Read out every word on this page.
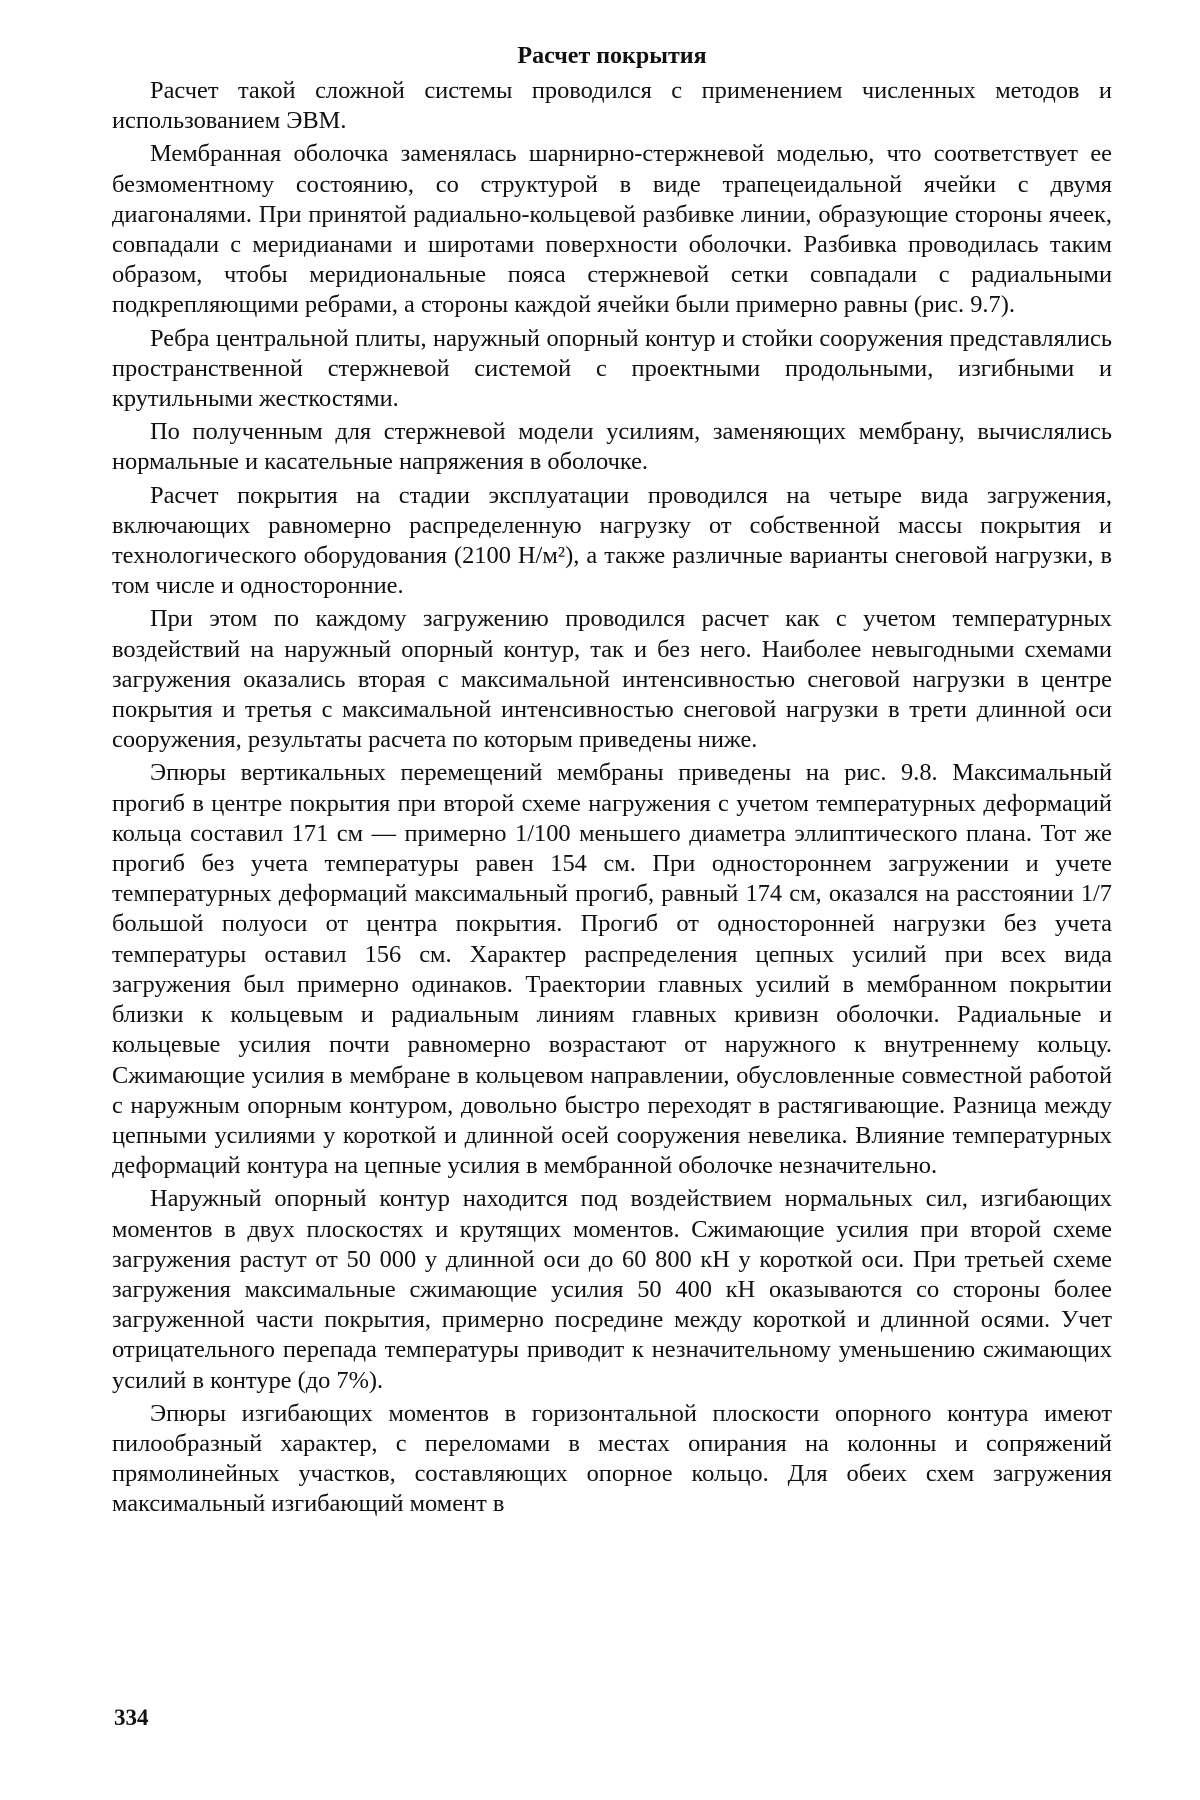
Расчет покрытия

Расчет такой сложной системы проводился с применением численных методов и использованием ЭВМ.

Мембранная оболочка заменялась шарнирно-стержневой моделью, что соответствует ее безмоментному состоянию, со структурой в виде трапецеидальной ячейки с двумя диагоналями. При принятой радиально-кольцевой разбивке линии, образующие стороны ячеек, совпадали с меридианами и широтами поверхности оболочки. Разбивка проводилась таким образом, чтобы меридиональные пояса стержневой сетки совпадали с радиальными подкрепляющими ребрами, а стороны каждой ячейки были примерно равны (рис. 9.7).

Ребра центральной плиты, наружный опорный контур и стойки сооружения представлялись пространственной стержневой системой с проектными продольными, изгибными и крутильными жесткостями.

По полученным для стержневой модели усилиям, заменяющих мембрану, вычислялись нормальные и касательные напряжения в оболочке.

Расчет покрытия на стадии эксплуатации проводился на четыре вида загружения, включающих равномерно распределенную нагрузку от собственной массы покрытия и технологического оборудования (2100 Н/м²), а также различные варианты снеговой нагрузки, в том числе и односторонние.

При этом по каждому загружению проводился расчет как с учетом температурных воздействий на наружный опорный контур, так и без него. Наиболее невыгодными схемами загружения оказались вторая с максимальной интенсивностью снеговой нагрузки в центре покрытия и третья с максимальной интенсивностью снеговой нагрузки в трети длинной оси сооружения, результаты расчета по которым приведены ниже.

Эпюры вертикальных перемещений мембраны приведены на рис. 9.8. Максимальный прогиб в центре покрытия при второй схеме нагружения с учетом температурных деформаций кольца составил 171 см — примерно 1/100 меньшего диаметра эллиптического плана. Тот же прогиб без учета температуры равен 154 см. При одностороннем загружении и учете температурных деформаций максимальный прогиб, равный 174 см, оказался на расстоянии 1/7 большой полуоси от центра покрытия. Прогиб от односторонней нагрузки без учета температуры оставил 156 см. Характер распределения цепных усилий при всех вида загружения был примерно одинаков. Траектории главных усилий в мембранном покрытии близки к кольцевым и радиальным линиям главных кривизн оболочки. Радиальные и кольцевые усилия почти равномерно возрастают от наружного к внутреннему кольцу. Сжимающие усилия в мембране в кольцевом направлении, обусловленные совместной работой с наружным опорным контуром, довольно быстро переходят в растягивающие. Разница между цепными усилиями у короткой и длинной осей сооружения невелика. Влияние температурных деформаций контура на цепные усилия в мембранной оболочке незначительно.

Наружный опорный контур находится под воздействием нормальных сил, изгибающих моментов в двух плоскостях и крутящих моментов. Сжимающие усилия при второй схеме загружения растут от 50 000 у длинной оси до 60 800 кН у короткой оси. При третьей схеме загружения максимальные сжимающие усилия 50 400 кН оказываются со стороны более загруженной части покрытия, примерно посредине между короткой и длинной осями. Учет отрицательного перепада температуры приводит к незначительному уменьшению сжимающих усилий в контуре (до 7%).

Эпюры изгибающих моментов в горизонтальной плоскости опорного контура имеют пилообразный характер, с переломами в местах опирания на колонны и сопряжений прямолинейных участков, составляющих опорное кольцо. Для обеих схем загружения максимальный изгибающий момент в

334
